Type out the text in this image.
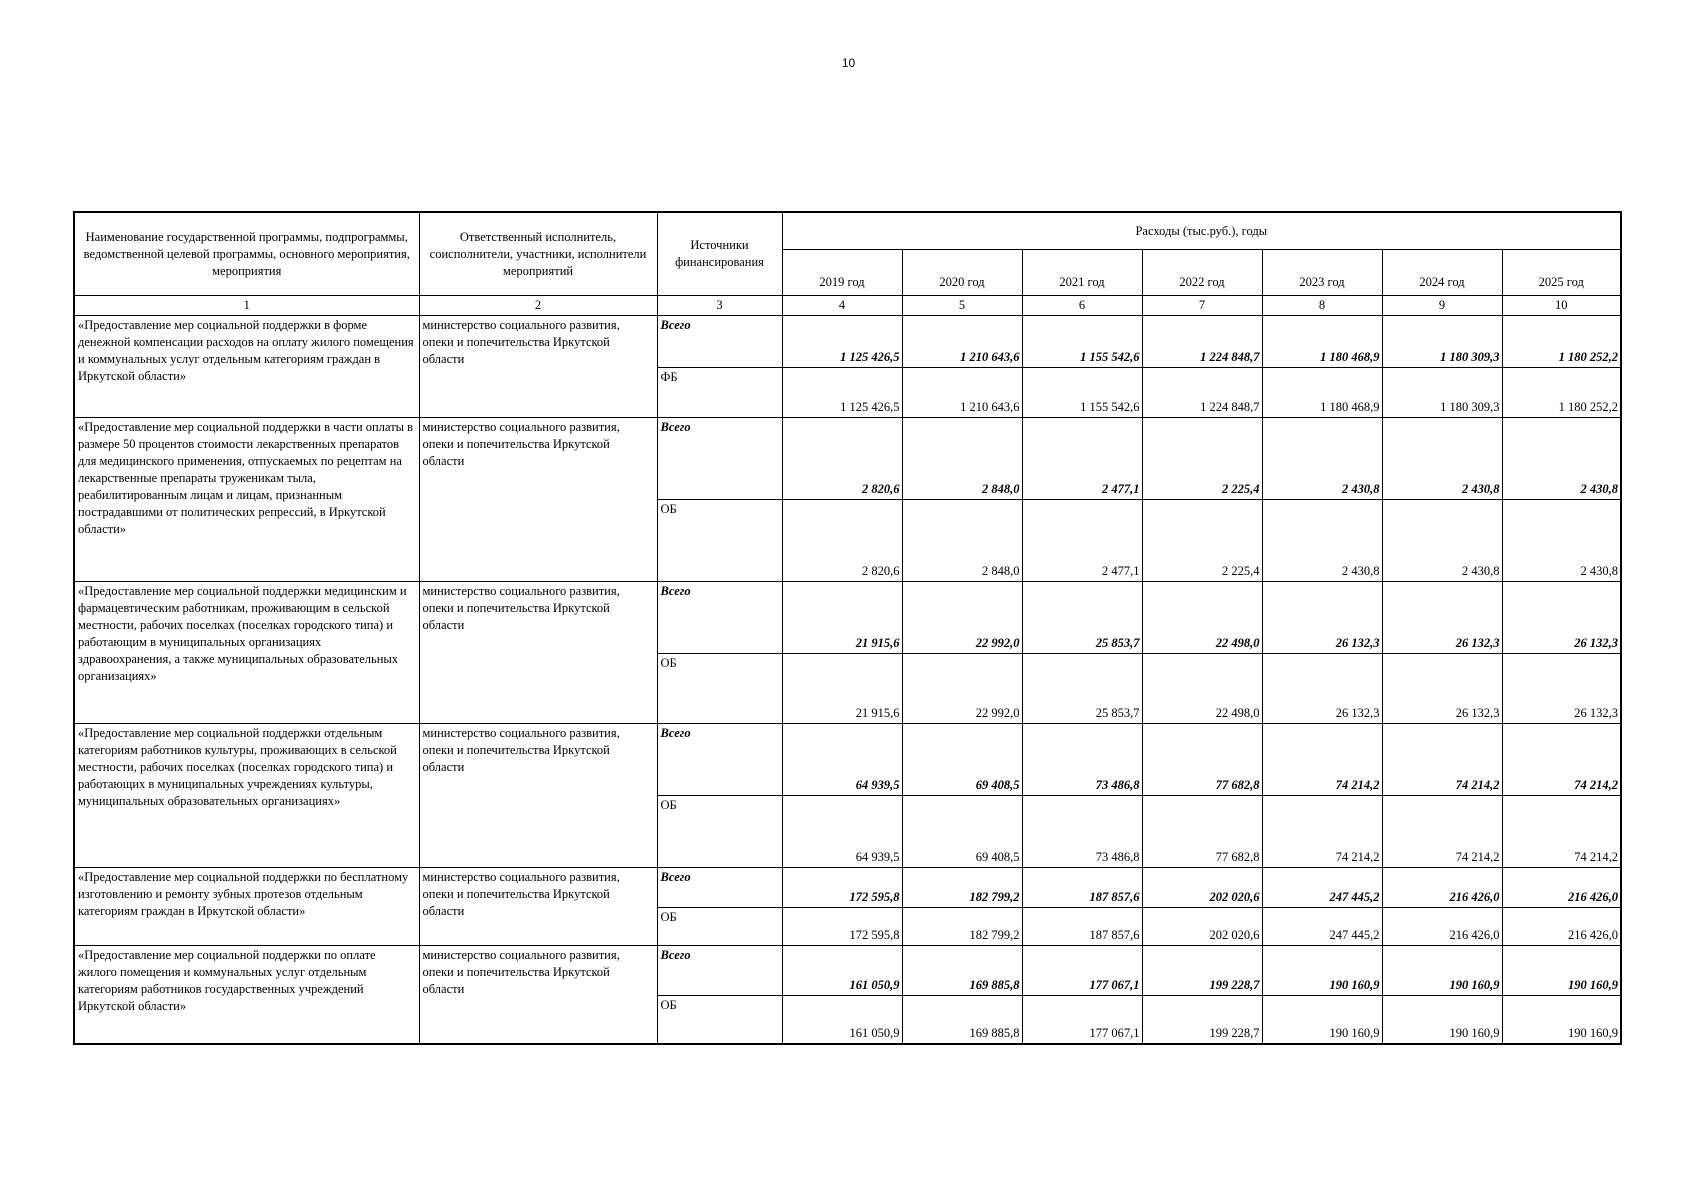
10
Наименование государственной программы, подпрограммы, ведомственной целевой программы, основного мероприятия, мероприятия	Ответственный исполнитель, соисполнители, участники, исполнители мероприятий	Источники финансирования	Расходы (тыс.руб.), годы						
			2019 год	2020 год	2021 год	2022 год	2023 год	2024 год	2025 год
1	2	3	4	5	6	7	8	9	10
«Предоставление мер социальной поддержки в форме денежной компенсации расходов на оплату жилого помещения и коммунальных услуг отдельным категориям граждан в Иркутской области»	министерство социального развития, опеки и попечительства Иркутской области	Всего	1 125 426,5	1 210 643,6	1 155 542,6	1 224 848,7	1 180 468,9	1 180 309,3	1 180 252,2
		ФБ	1 125 426,5	1 210 643,6	1 155 542,6	1 224 848,7	1 180 468,9	1 180 309,3	1 180 252,2
«Предоставление мер социальной поддержки в части оплаты в размере 50 процентов стоимости лекарственных препаратов для медицинского применения, отпускаемых по рецептам на лекарственные препараты труженикам тыла, реабилитированным лицам и лицам, признанным пострадавшими от политических репрессий, в Иркутской области»	министерство социального развития, опеки и попечительства Иркутской области	Всего	2 820,6	2 848,0	2 477,1	2 225,4	2 430,8	2 430,8	2 430,8
		ОБ	2 820,6	2 848,0	2 477,1	2 225,4	2 430,8	2 430,8	2 430,8
«Предоставление мер социальной поддержки медицинским и фармацевтическим работникам, проживающим в сельской местности, рабочих поселках (поселках городского типа) и работающим в муниципальных организациях здравоохранения, а также муниципальных образовательных организациях»	министерство социального развития, опеки и попечительства Иркутской области	Всего	21 915,6	22 992,0	25 853,7	22 498,0	26 132,3	26 132,3	26 132,3
		ОБ	21 915,6	22 992,0	25 853,7	22 498,0	26 132,3	26 132,3	26 132,3
«Предоставление мер социальной поддержки отдельным категориям работников культуры, проживающих в сельской местности, рабочих поселках (поселках городского типа) и работающих в муниципальных учреждениях культуры, муниципальных образовательных организациях»	министерство социального развития, опеки и попечительства Иркутской области	Всего	64 939,5	69 408,5	73 486,8	77 682,8	74 214,2	74 214,2	74 214,2
		ОБ	64 939,5	69 408,5	73 486,8	77 682,8	74 214,2	74 214,2	74 214,2
«Предоставление мер социальной поддержки по бесплатному изготовлению и ремонту зубных протезов отдельным категориям граждан в Иркутской области»	министерство социального развития, опеки и попечительства Иркутской области	Всего	172 595,8	182 799,2	187 857,6	202 020,6	247 445,2	216 426,0	216 426,0
		ОБ	172 595,8	182 799,2	187 857,6	202 020,6	247 445,2	216 426,0	216 426,0
«Предоставление мер социальной поддержки по оплате жилого помещения и коммунальных услуг отдельным категориям работников государственных учреждений Иркутской области»	министерство социального развития, опеки и попечительства Иркутской области	Всего	161 050,9	169 885,8	177 067,1	199 228,7	190 160,9	190 160,9	190 160,9
		ОБ	161 050,9	169 885,8	177 067,1	199 228,7	190 160,9	190 160,9	190 160,9
